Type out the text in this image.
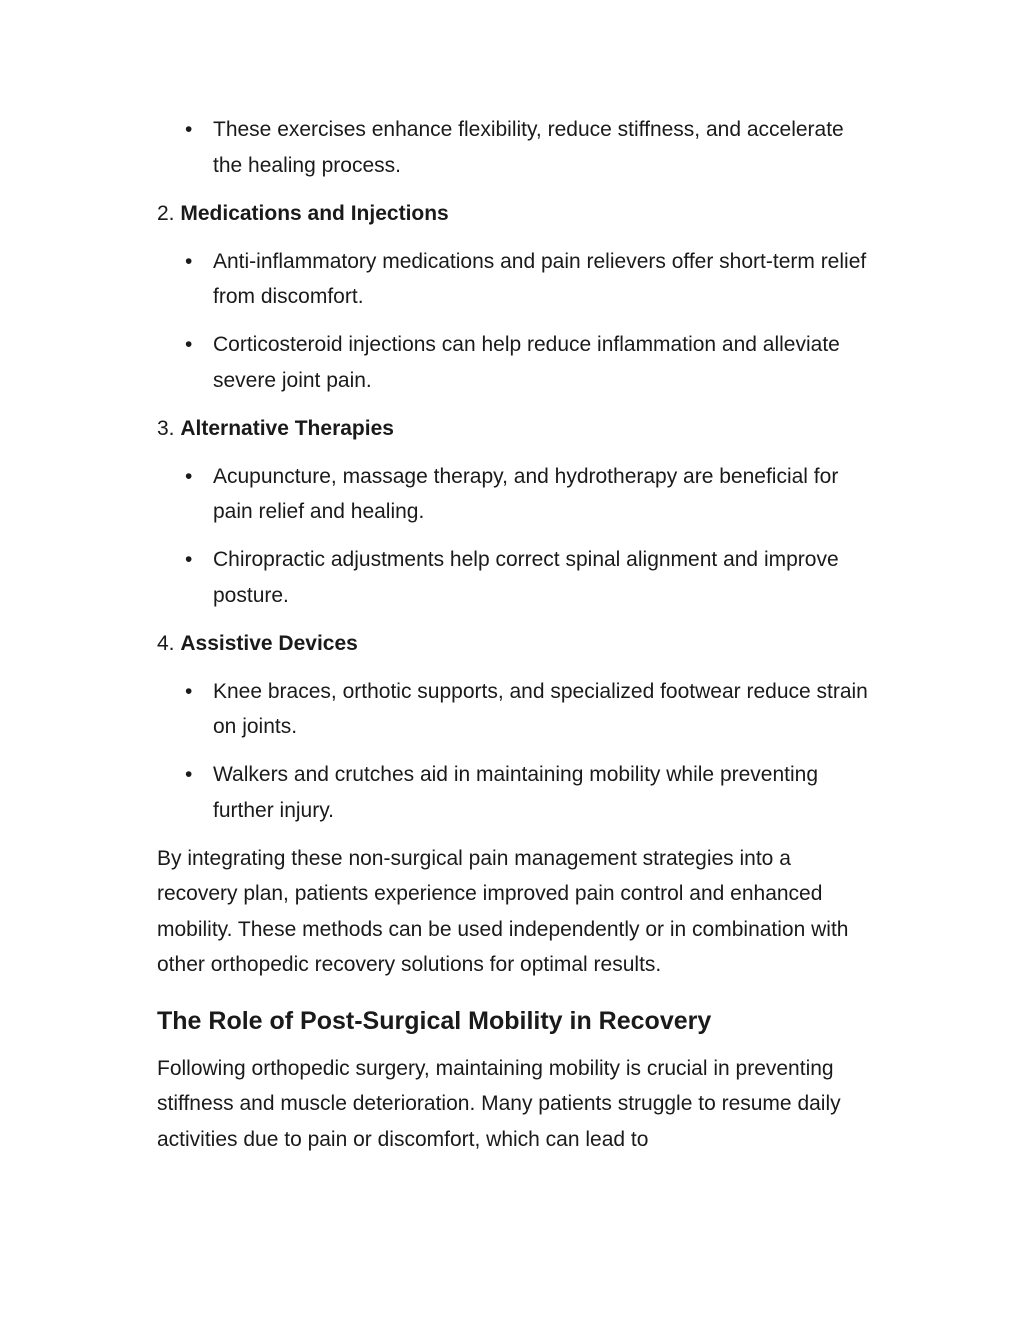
• These exercises enhance flexibility, reduce stiffness, and accelerate the healing process.
2. Medications and Injections
• Anti-inflammatory medications and pain relievers offer short-term relief from discomfort.
• Corticosteroid injections can help reduce inflammation and alleviate severe joint pain.
3. Alternative Therapies
• Acupuncture, massage therapy, and hydrotherapy are beneficial for pain relief and healing.
• Chiropractic adjustments help correct spinal alignment and improve posture.
4. Assistive Devices
• Knee braces, orthotic supports, and specialized footwear reduce strain on joints.
• Walkers and crutches aid in maintaining mobility while preventing further injury.

By integrating these non-surgical pain management strategies into a recovery plan, patients experience improved pain control and enhanced mobility. These methods can be used independently or in combination with other orthopedic recovery solutions for optimal results.

The Role of Post-Surgical Mobility in Recovery

Following orthopedic surgery, maintaining mobility is crucial in preventing stiffness and muscle deterioration. Many patients struggle to resume daily activities due to pain or discomfort, which can lead to
